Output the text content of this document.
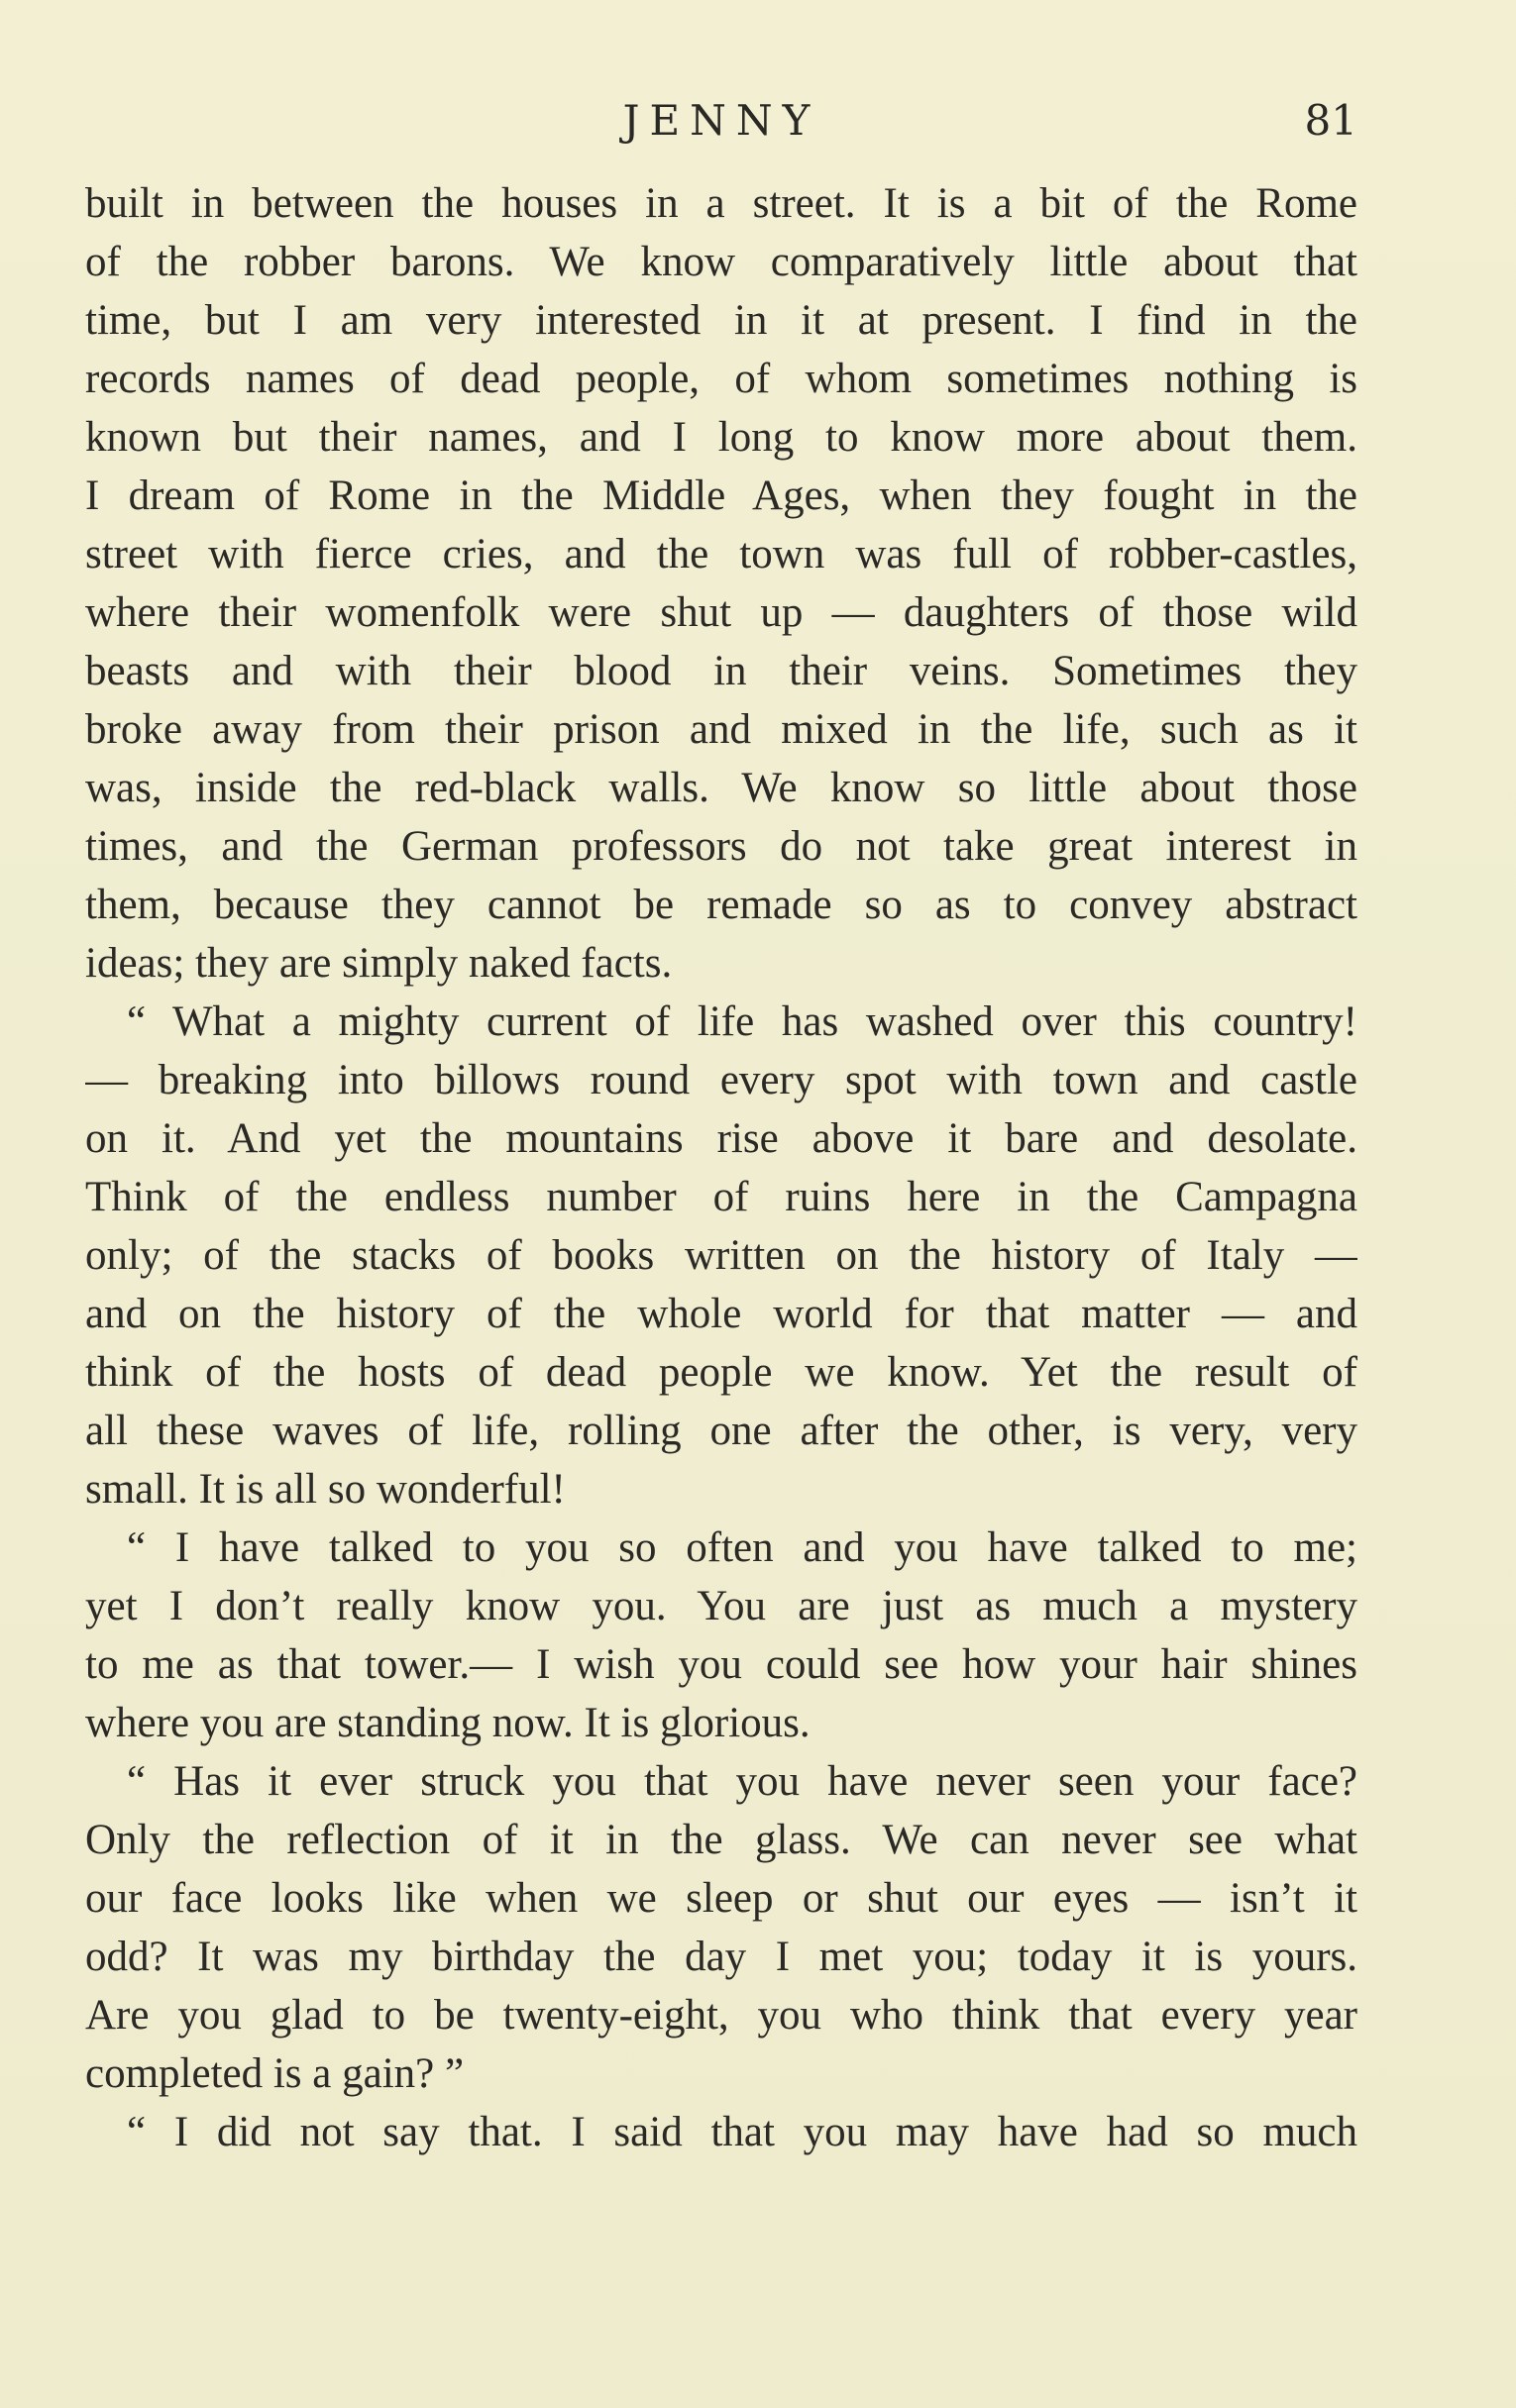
JENNY	81
built in between the houses in a street. It is a bit of the Rome
of the robber barons. We know comparatively little about that
time, but I am very interested in it at present. I find in the
records names of dead people, of whom sometimes nothing is
known but their names, and I long to know more about them.
I dream of Rome in the Middle Ages, when they fought in the
street with fierce cries, and the town was full of robber-castles,
where their womenfolk were shut up — daughters of those wild
beasts and with their blood in their veins. Sometimes they
broke away from their prison and mixed in the life, such as it
was, inside the red-black walls. We know so little about those
times, and the German professors do not take great interest in
them, because they cannot be remade so as to convey abstract
ideas; they are simply naked facts.
“ What a mighty current of life has washed over this country!
— breaking into billows round every spot with town and castle
on it. And yet the mountains rise above it bare and desolate.
Think of the endless number of ruins here in the Campagna
only; of the stacks of books written on the history of Italy —
and on the history of the whole world for that matter — and
think of the hosts of dead people we know. Yet the result of
all these waves of life, rolling one after the other, is very, very
small. It is all so wonderful!
“ I have talked to you so often and you have talked to me;
yet I don’t really know you. You are just as much a mystery
to me as that tower.— I wish you could see how your hair shines
where you are standing now. It is glorious.
“ Has it ever struck you that you have never seen your face?
Only the reflection of it in the glass. We can never see what
our face looks like when we sleep or shut our eyes — isn’t it
odd? It was my birthday the day I met you; today it is yours.
Are you glad to be twenty-eight, you who think that every year
completed is a gain? ”
“ I did not say that. I said that you may have had so much
